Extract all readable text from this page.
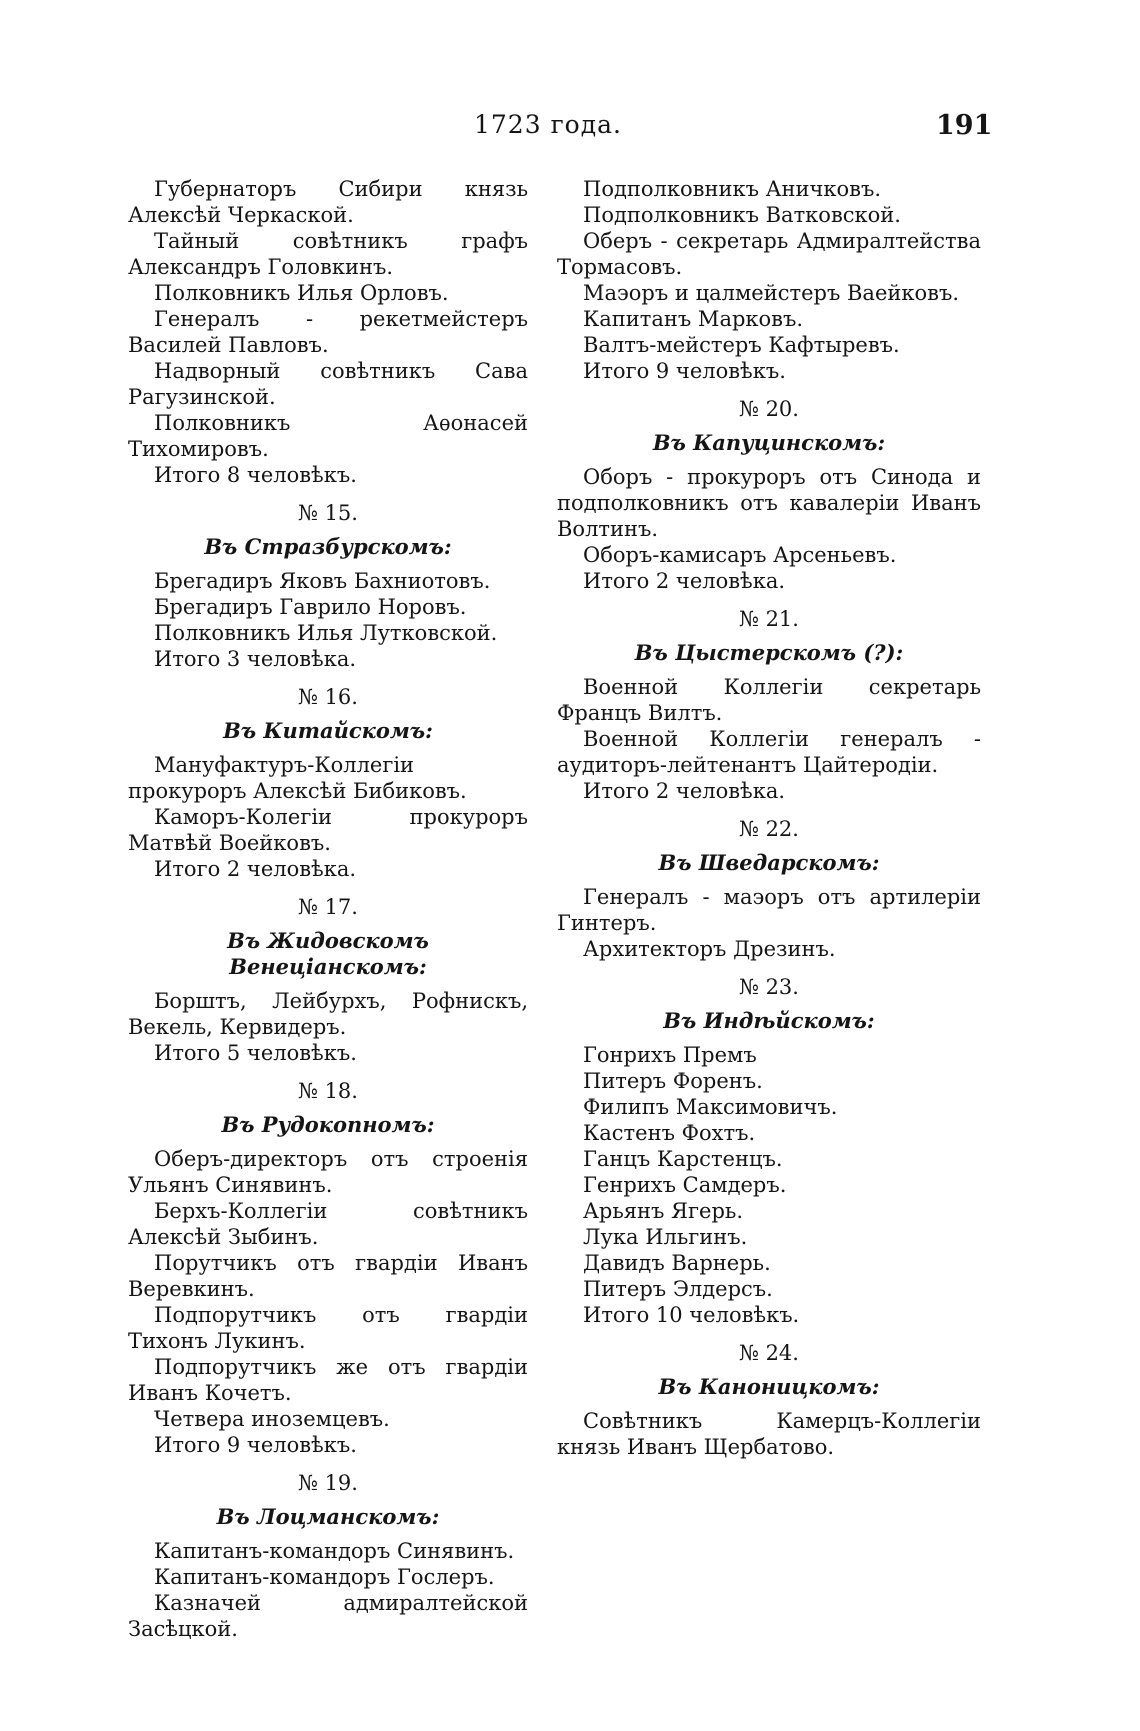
1723 года.	191
Губернаторъ Сибири князь Алексѣй Черкаской.
Тайный совѣтникъ графъ Александръ Головкинъ.
Полковникъ Илья Орловъ.
Генералъ - рекетмейстеръ Василей Павловъ.
Надворный совѣтникъ Сава Рагузинской.
Полковникъ Аѳонасей Тихомировъ.
Итого 8 человѣкъ.
№ 15.
Въ Стразбурскомъ:
Брегадиръ Яковъ Бахниотовъ.
Брегадиръ Гаврило Норовъ.
Полковникъ Илья Лутковской.
Итого 3 человѣка.
№ 16.
Въ Китайскомъ:
Мануфактуръ-Коллегіи прокуроръ Алексѣй Бибиковъ.
Каморъ-Колегіи прокуроръ Матвѣй Воейковъ.
Итого 2 человѣка.
№ 17.
Въ Жидовскомъ Венеціанскомъ:
Борштъ, Лейбурхъ, Рофнискъ, Векель, Кервидеръ.
Итого 5 человѣкъ.
№ 18.
Въ Рудокопномъ:
Оберъ-директоръ отъ строенія Ульянъ Синявинъ.
Берхъ-Коллегіи совѣтникъ Алексѣй Зыбинъ.
Порутчикъ отъ гвардіи Иванъ Веревкинъ.
Подпорутчикъ отъ гвардіи Тихонъ Лукинъ.
Подпорутчикъ же отъ гвардіи Иванъ Кочетъ.
Четвера иноземцевъ.
Итого 9 человѣкъ.
№ 19.
Въ Лоцманскомъ:
Капитанъ-командоръ Синявинъ.
Капитанъ-командоръ Гослеръ.
Казначей адмиралтейской Засѣцкой.
Подполковникъ Аничковъ.
Подполковникъ Ватковской.
Оберъ - секретарь Адмиралтейства Тормасовъ.
Маэоръ и цалмейстеръ Ваейковъ.
Капитанъ Марковъ.
Валтъ-мейстеръ Кафтыревъ.
Итого 9 человѣкъ.
№ 20.
Въ Капуцинскомъ:
Оборъ - прокуроръ отъ Синода и подполковникъ отъ кавалеріи Иванъ Волтинъ.
Оборъ-камисаръ Арсеньевъ.
Итого 2 человѣка.
№ 21.
Въ Цыстерскомъ (?):
Военной Коллегіи секретарь Францъ Вилтъ.
Военной Коллегіи генералъ - аудиторъ-лейтенантъ Цайтеродіи.
Итого 2 человѣка.
№ 22.
Въ Шведарскомъ:
Генералъ - маэоръ отъ артилеріи Гинтеръ.
Архитекторъ Дрезинъ.
№ 23.
Въ Индѣйскомъ:
Гонрихъ Премъ
Питеръ Форенъ.
Филипъ Максимовичъ.
Кастенъ Фохтъ.
Ганцъ Карстенцъ.
Генрихъ Самдеръ.
Арьянъ Ягерь.
Лука Ильгинъ.
Давидъ Варнерь.
Питеръ Элдерсъ.
Итого 10 человѣкъ.
№ 24.
Въ Каноницкомъ:
Совѣтникъ Камерцъ-Коллегіи князь Иванъ Щербатово.
